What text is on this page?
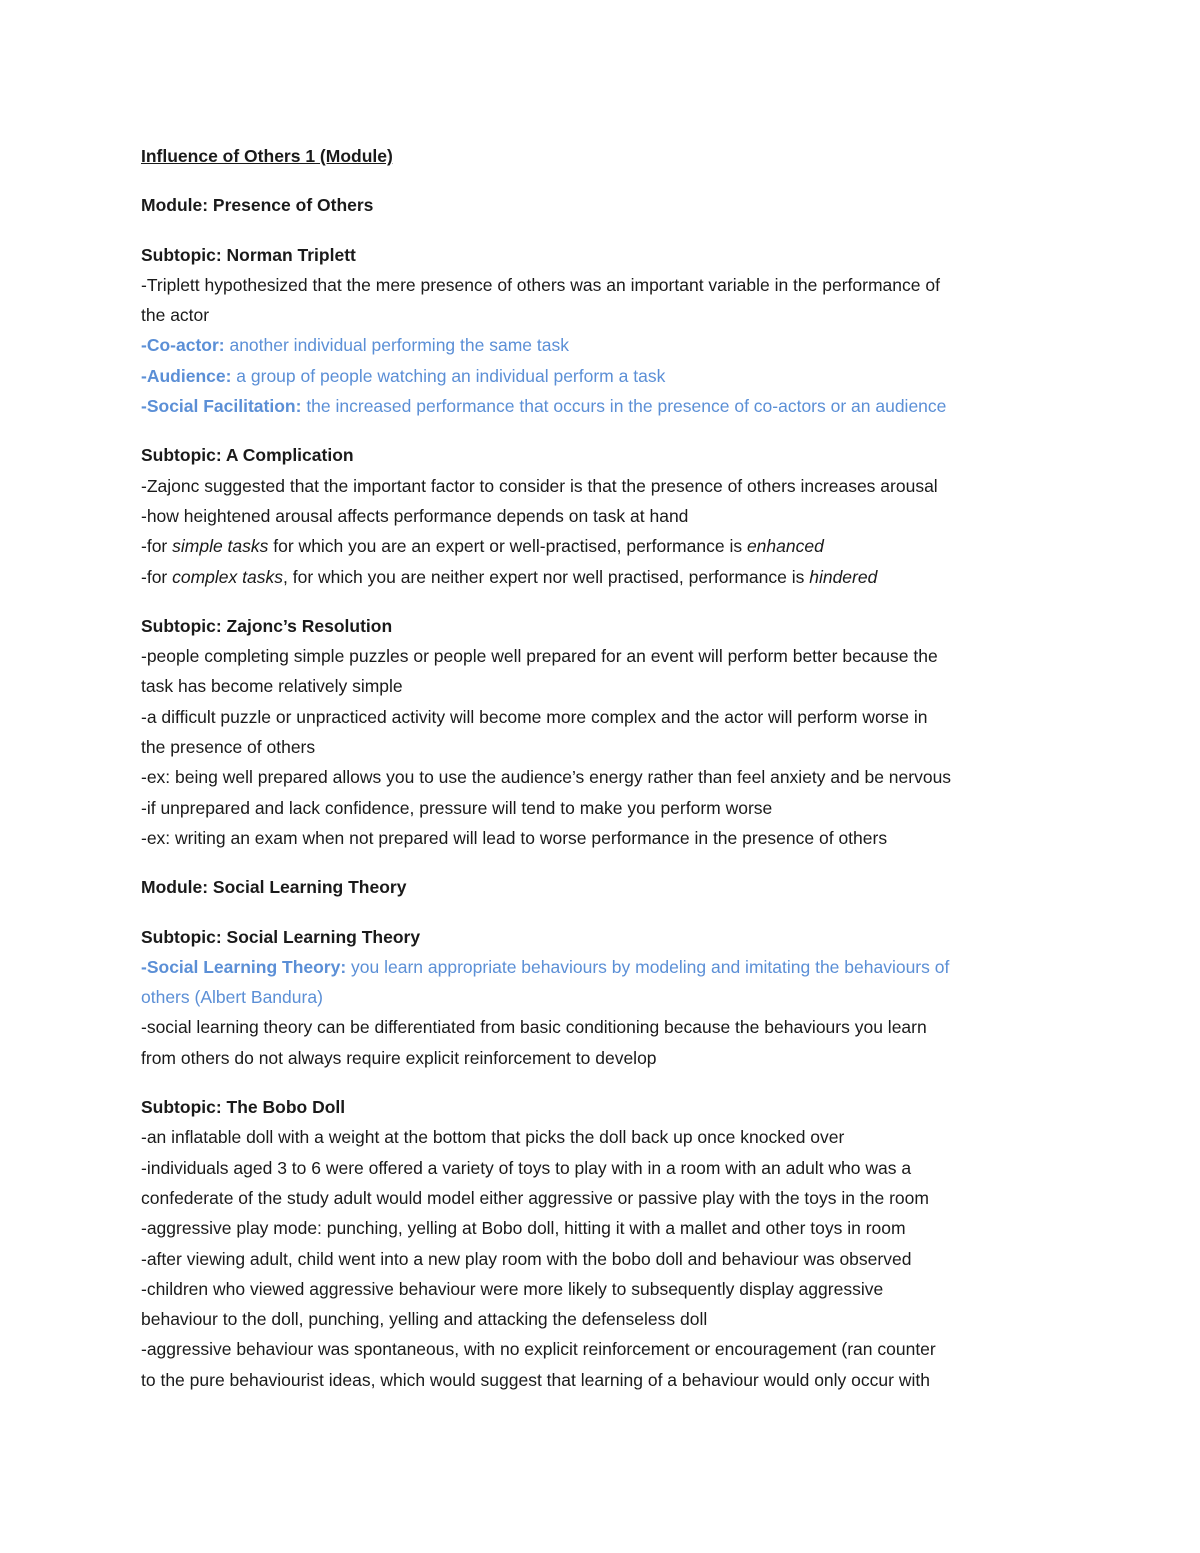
Influence of Others 1 (Module)
Module: Presence of Others
Subtopic: Norman Triplett
-Triplett hypothesized that the mere presence of others was an important variable in the performance of
the actor
-Co-actor: another individual performing the same task
-Audience: a group of people watching an individual perform a task
-Social Facilitation: the increased performance that occurs in the presence of co-actors or an audience
Subtopic: A Complication
-Zajonc suggested that the important factor to consider is that the presence of others increases arousal
-how heightened arousal affects performance depends on task at hand
-for simple tasks for which you are an expert or well-practised, performance is enhanced
-for complex tasks, for which you are neither expert nor well practised, performance is hindered
Subtopic: Zajonc’s Resolution
-people completing simple puzzles or people well prepared for an event will perform better because the
task has become relatively simple
-a difficult puzzle or unpracticed activity will become more complex and the actor will perform worse in
the presence of others
-ex: being well prepared allows you to use the audience’s energy rather than feel anxiety and be nervous
-if unprepared and lack confidence, pressure will tend to make you perform worse
-ex: writing an exam when not prepared will lead to worse performance in the presence of others
Module: Social Learning Theory
Subtopic: Social Learning Theory
-Social Learning Theory: you learn appropriate behaviours by modeling and imitating the behaviours of
others (Albert Bandura)
-social learning theory can be differentiated from basic conditioning because the behaviours you learn
from others do not always require explicit reinforcement to develop
Subtopic: The Bobo Doll
-an inflatable doll with a weight at the bottom that picks the doll back up once knocked over
-individuals aged 3 to 6 were offered a variety of toys to play with in a room with an adult who was a
confederate of the study adult would model either aggressive or passive play with the toys in the room
-aggressive play mode: punching, yelling at Bobo doll, hitting it with a mallet and other toys in room
-after viewing adult, child went into a new play room with the bobo doll and behaviour was observed
-children who viewed aggressive behaviour were more likely to subsequently display aggressive
behaviour to the doll, punching, yelling and attacking the defenseless doll
-aggressive behaviour was spontaneous, with no explicit reinforcement or encouragement (ran counter
to the pure behaviourist ideas, which would suggest that learning of a behaviour would only occur with
